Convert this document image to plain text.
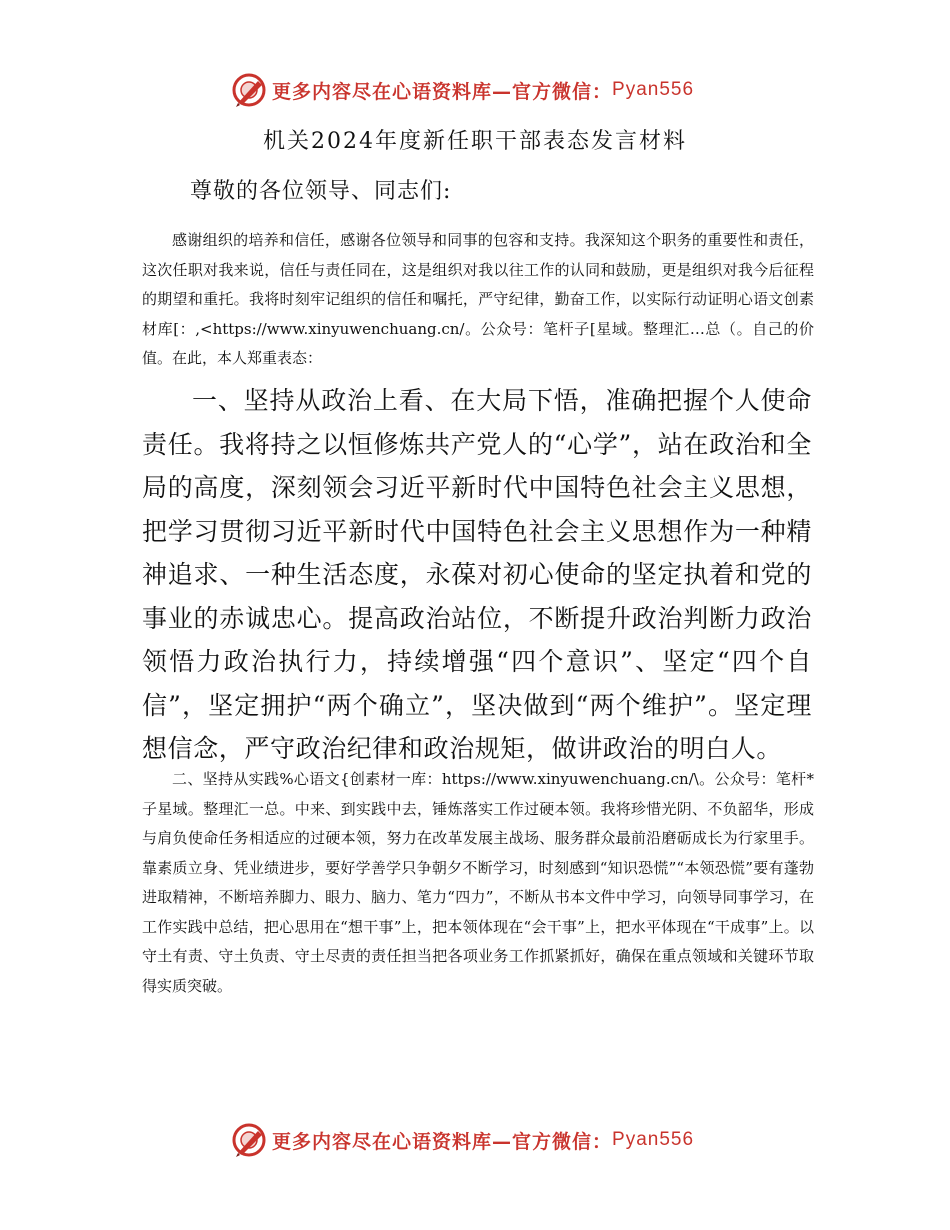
更多内容尽在心语资料库—官方微信： Pyan556
机关2024年度新任职干部表态发言材料
尊敬的各位领导、同志们:

感谢组织的培养和信任，感谢各位领导和同事的包容和支持。我深知这个职务的重要性和责任，这次任职对我来说，信任与责任同在，这是组织对我以往工作的认同和鼓励，更是组织对我今后征程的期望和重托。我将时刻牢记组织的信任和嘱托，严守纪律，勤奋工作，以实际行动证明心语文创素材库[：,<https://www.xinyuwenchuang.cn/。公众号：笔杆子[星域。整理汇…总（。自己的价值。在此，本人郑重表态：

一、坚持从政治上看、在大局下悟，准确把握个人使命责任。我将持之以恒修炼共产党人的“心学”，站在政治和全局的高度，深刻领会习近平新时代中国特色社会主义思想，把学习贯彻习近平新时代中国特色社会主义思想作为一种精神追求、一种生活态度，永葆对初心使命的坚定执着和党的事业的赤诚忠心。提高政治站位，不断提升政治判断力政治领悟力政治执行力，持续增强“四个意识”、坚定“四个自信”，坚定拥护“两个确立”，坚决做到“两个维护”。坚定理想信念，严守政治纪律和政治规矩，做讲政治的明白人。

二、坚持从实践%心语文{创素材一库：https://www.xinyuwenchuang.cn/\。公众号：笔杆*子星域。整理汇一总。中来、到实践中去，锤炼落实工作过硬本领。我将珍惜光阴、不负韶华，形成与肩负使命任务相适应的过硬本领，努力在改革发展主战场、服务群众最前沿磨砺成长为行家里手。靠素质立身、凭业绩进步，要好学善学只争朝夕不断学习，时刻感到“知识恐慌”“本领恐慌”要有蓬勃进取精神，不断培养脚力、眼力、脑力、笔力“四力”，不断从书本文件中学习，向领导同事学习，在工作实践中总结，把心思用在“想干事”上，把本领体现在“会干事”上，把水平体现在“干成事”上。以守土有责、守土负责、守土尽责的责任担当把各项业务工作抓紧抓好，确保在重点领域和关键环节取得实质突破。

更多内容尽在心语资料库—官方微信： Pyan556
